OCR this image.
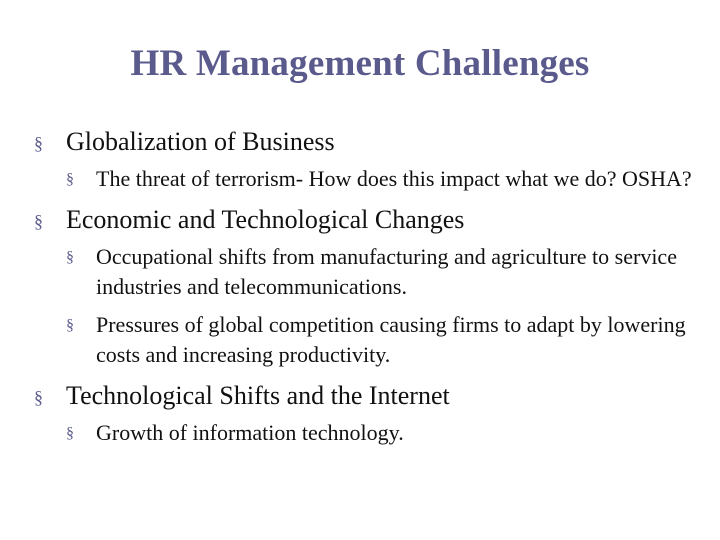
HR Management Challenges
§ Globalization of Business
§ The threat of terrorism- How does this impact what we do? OSHA?
§ Economic and Technological Changes
§ Occupational shifts from manufacturing and agriculture to service industries and telecommunications.
§ Pressures of global competition causing firms to adapt by lowering costs and increasing productivity.
§ Technological Shifts and the Internet
§ Growth of information technology.
